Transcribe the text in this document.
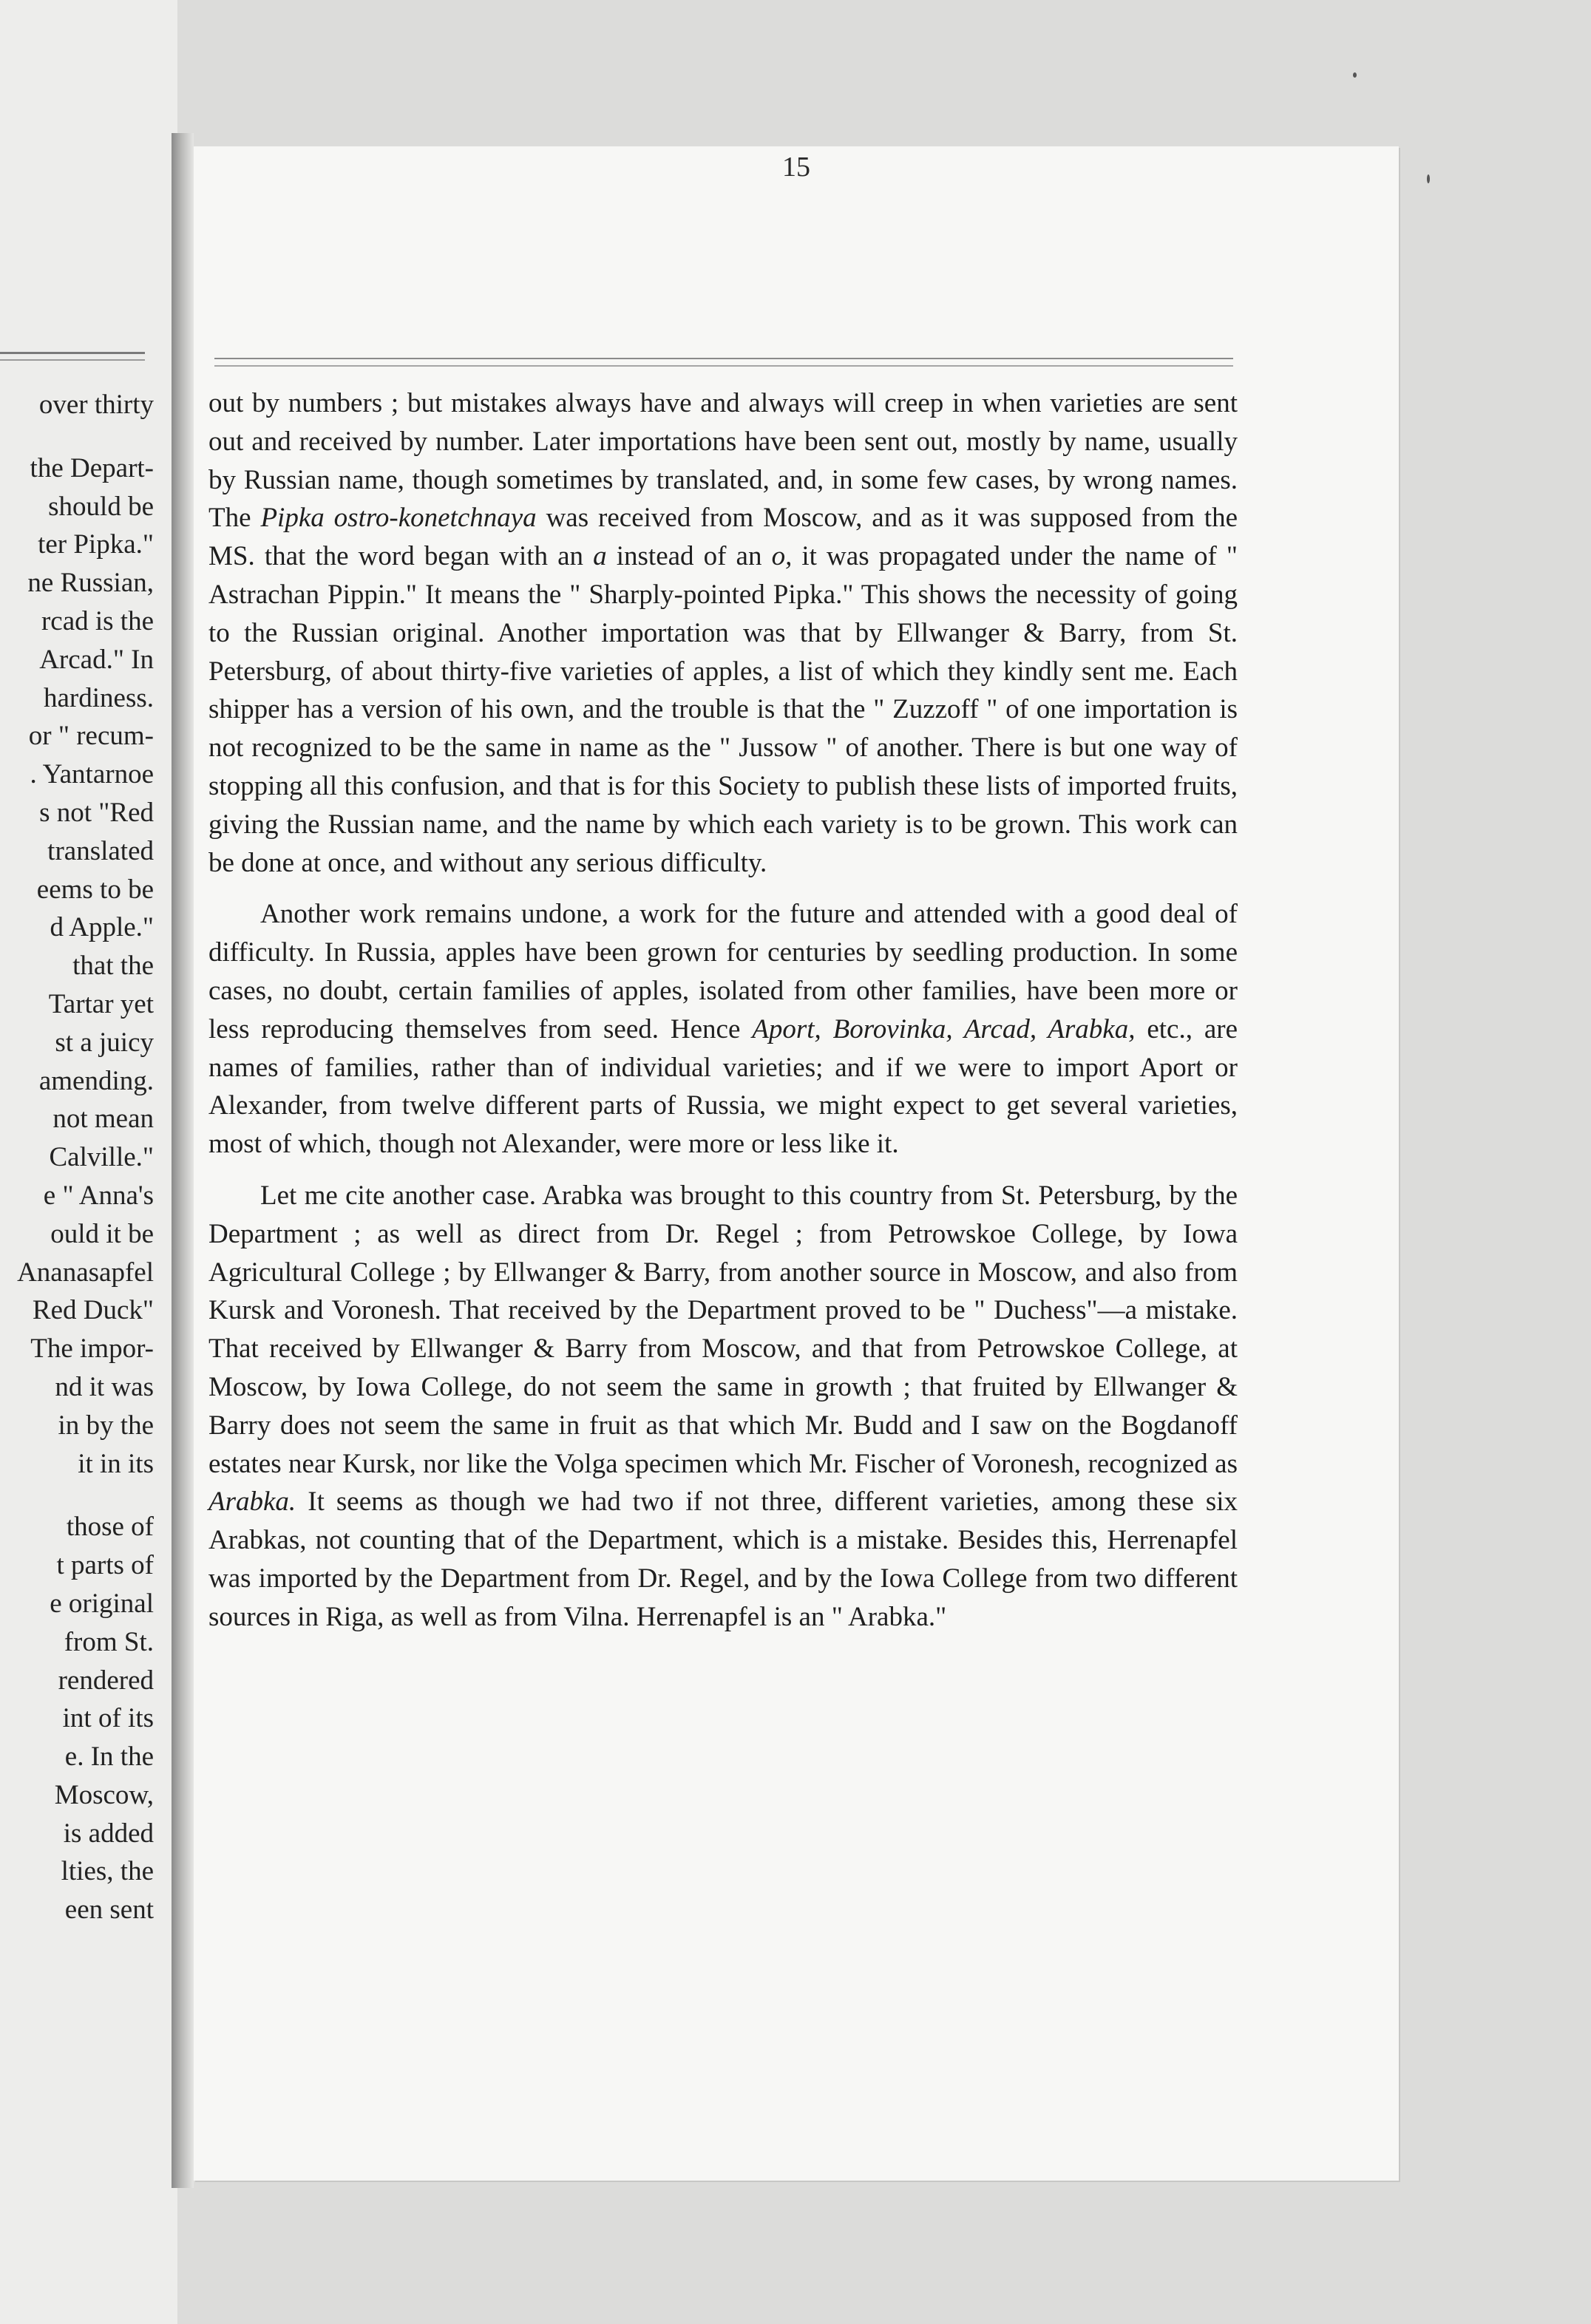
over thirty
the Depart-
should be
ter Pipka."
ne Russian,
rcad is the
Arcad." In
hardiness.
or " recum-
. Yantarnoe
s not "Red
translated
eems to be
d Apple."
that the
Tartar yet
st a juicy
amending.
not mean
Calville."
e " Anna's
ould it be
Ananasapfel
Red Duck"
The impor-
nd it was
in by the
it in its
those of
t parts of
e original
from St.
rendered
int of its
e. In the
Moscow,
is added
lties, the
een sent
15
out by numbers ; but mistakes always have and always will creep in when varieties are sent out and received by number. Later importations have been sent out, mostly by name, usually by Russian name, though sometimes by translated, and, in some few cases, by wrong names. The Pipka ostro-konetchnaya was received from Moscow, and as it was supposed from the MS. that the word began with an a instead of an o, it was propagated under the name of " Astrachan Pippin." It means the " Sharply-pointed Pipka." This shows the necessity of going to the Russian original. Another importation was that by Ellwanger & Barry, from St. Petersburg, of about thirty-five varieties of apples, a list of which they kindly sent me. Each shipper has a version of his own, and the trouble is that the " Zuzzoff " of one importation is not recognized to be the same in name as the " Jussow " of another. There is but one way of stopping all this confusion, and that is for this Society to publish these lists of imported fruits, giving the Russian name, and the name by which each variety is to be grown. This work can be done at once, and without any serious difficulty.
Another work remains undone, a work for the future and attended with a good deal of difficulty. In Russia, apples have been grown for centuries by seedling production. In some cases, no doubt, certain families of apples, isolated from other families, have been more or less reproducing themselves from seed. Hence Aport, Borovinka, Arcad, Arabka, etc., are names of families, rather than of individual varieties; and if we were to import Aport or Alexander, from twelve different parts of Russia, we might expect to get several varieties, most of which, though not Alexander, were more or less like it.
Let me cite another case. Arabka was brought to this country from St. Petersburg, by the Department ; as well as direct from Dr. Regel ; from Petrowskoe College, by Iowa Agricultural College ; by Ellwanger & Barry, from another source in Moscow, and also from Kursk and Voronesh. That received by the Department proved to be " Duchess"—a mistake. That received by Ellwanger & Barry from Moscow, and that from Petrowskoe College, at Moscow, by Iowa College, do not seem the same in growth ; that fruited by Ellwanger & Barry does not seem the same in fruit as that which Mr. Budd and I saw on the Bogdanoff estates near Kursk, nor like the Volga specimen which Mr. Fischer of Voronesh, recognized as Arabka. It seems as though we had two if not three, different varieties, among these six Arabkas, not counting that of the Department, which is a mistake. Besides this, Herrenapfel was imported by the Department from Dr. Regel, and by the Iowa College from two different sources in Riga, as well as from Vilna. Herrenapfel is an " Arabka."
